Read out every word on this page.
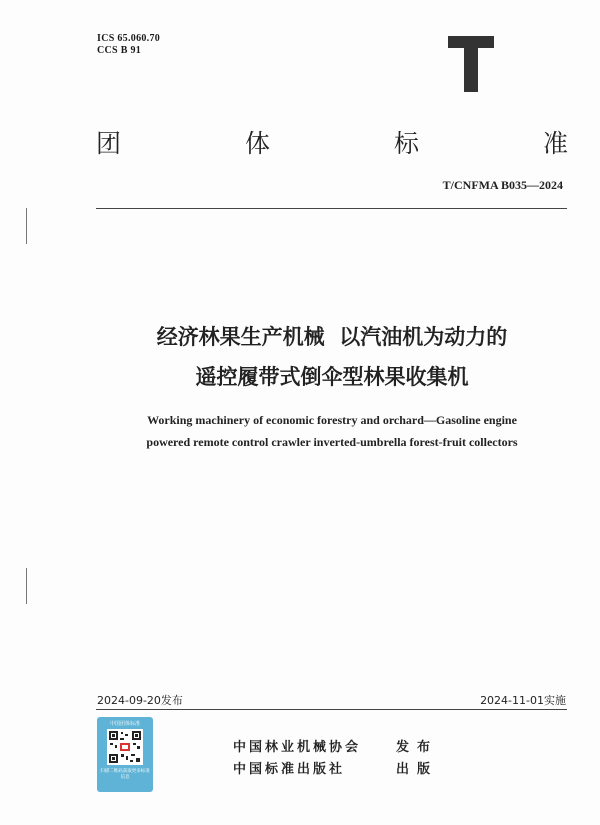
ICS 65.060.70
CCS B 91
团	体	标	准
T/CNFMA B035—2024
经济林果生产机械  以汽油机为动力的
遥控履带式倒伞型林果收集机
Working machinery of economic forestry and orchard—Gasoline engine
powered remote control crawler inverted-umbrella forest-fruit collectors
2024-09-20发布	2024-11-01实施
中国团体标准
扫描二维码获取更多标准信息
中国林业机械协会	发布
中国标准出版社	出版
